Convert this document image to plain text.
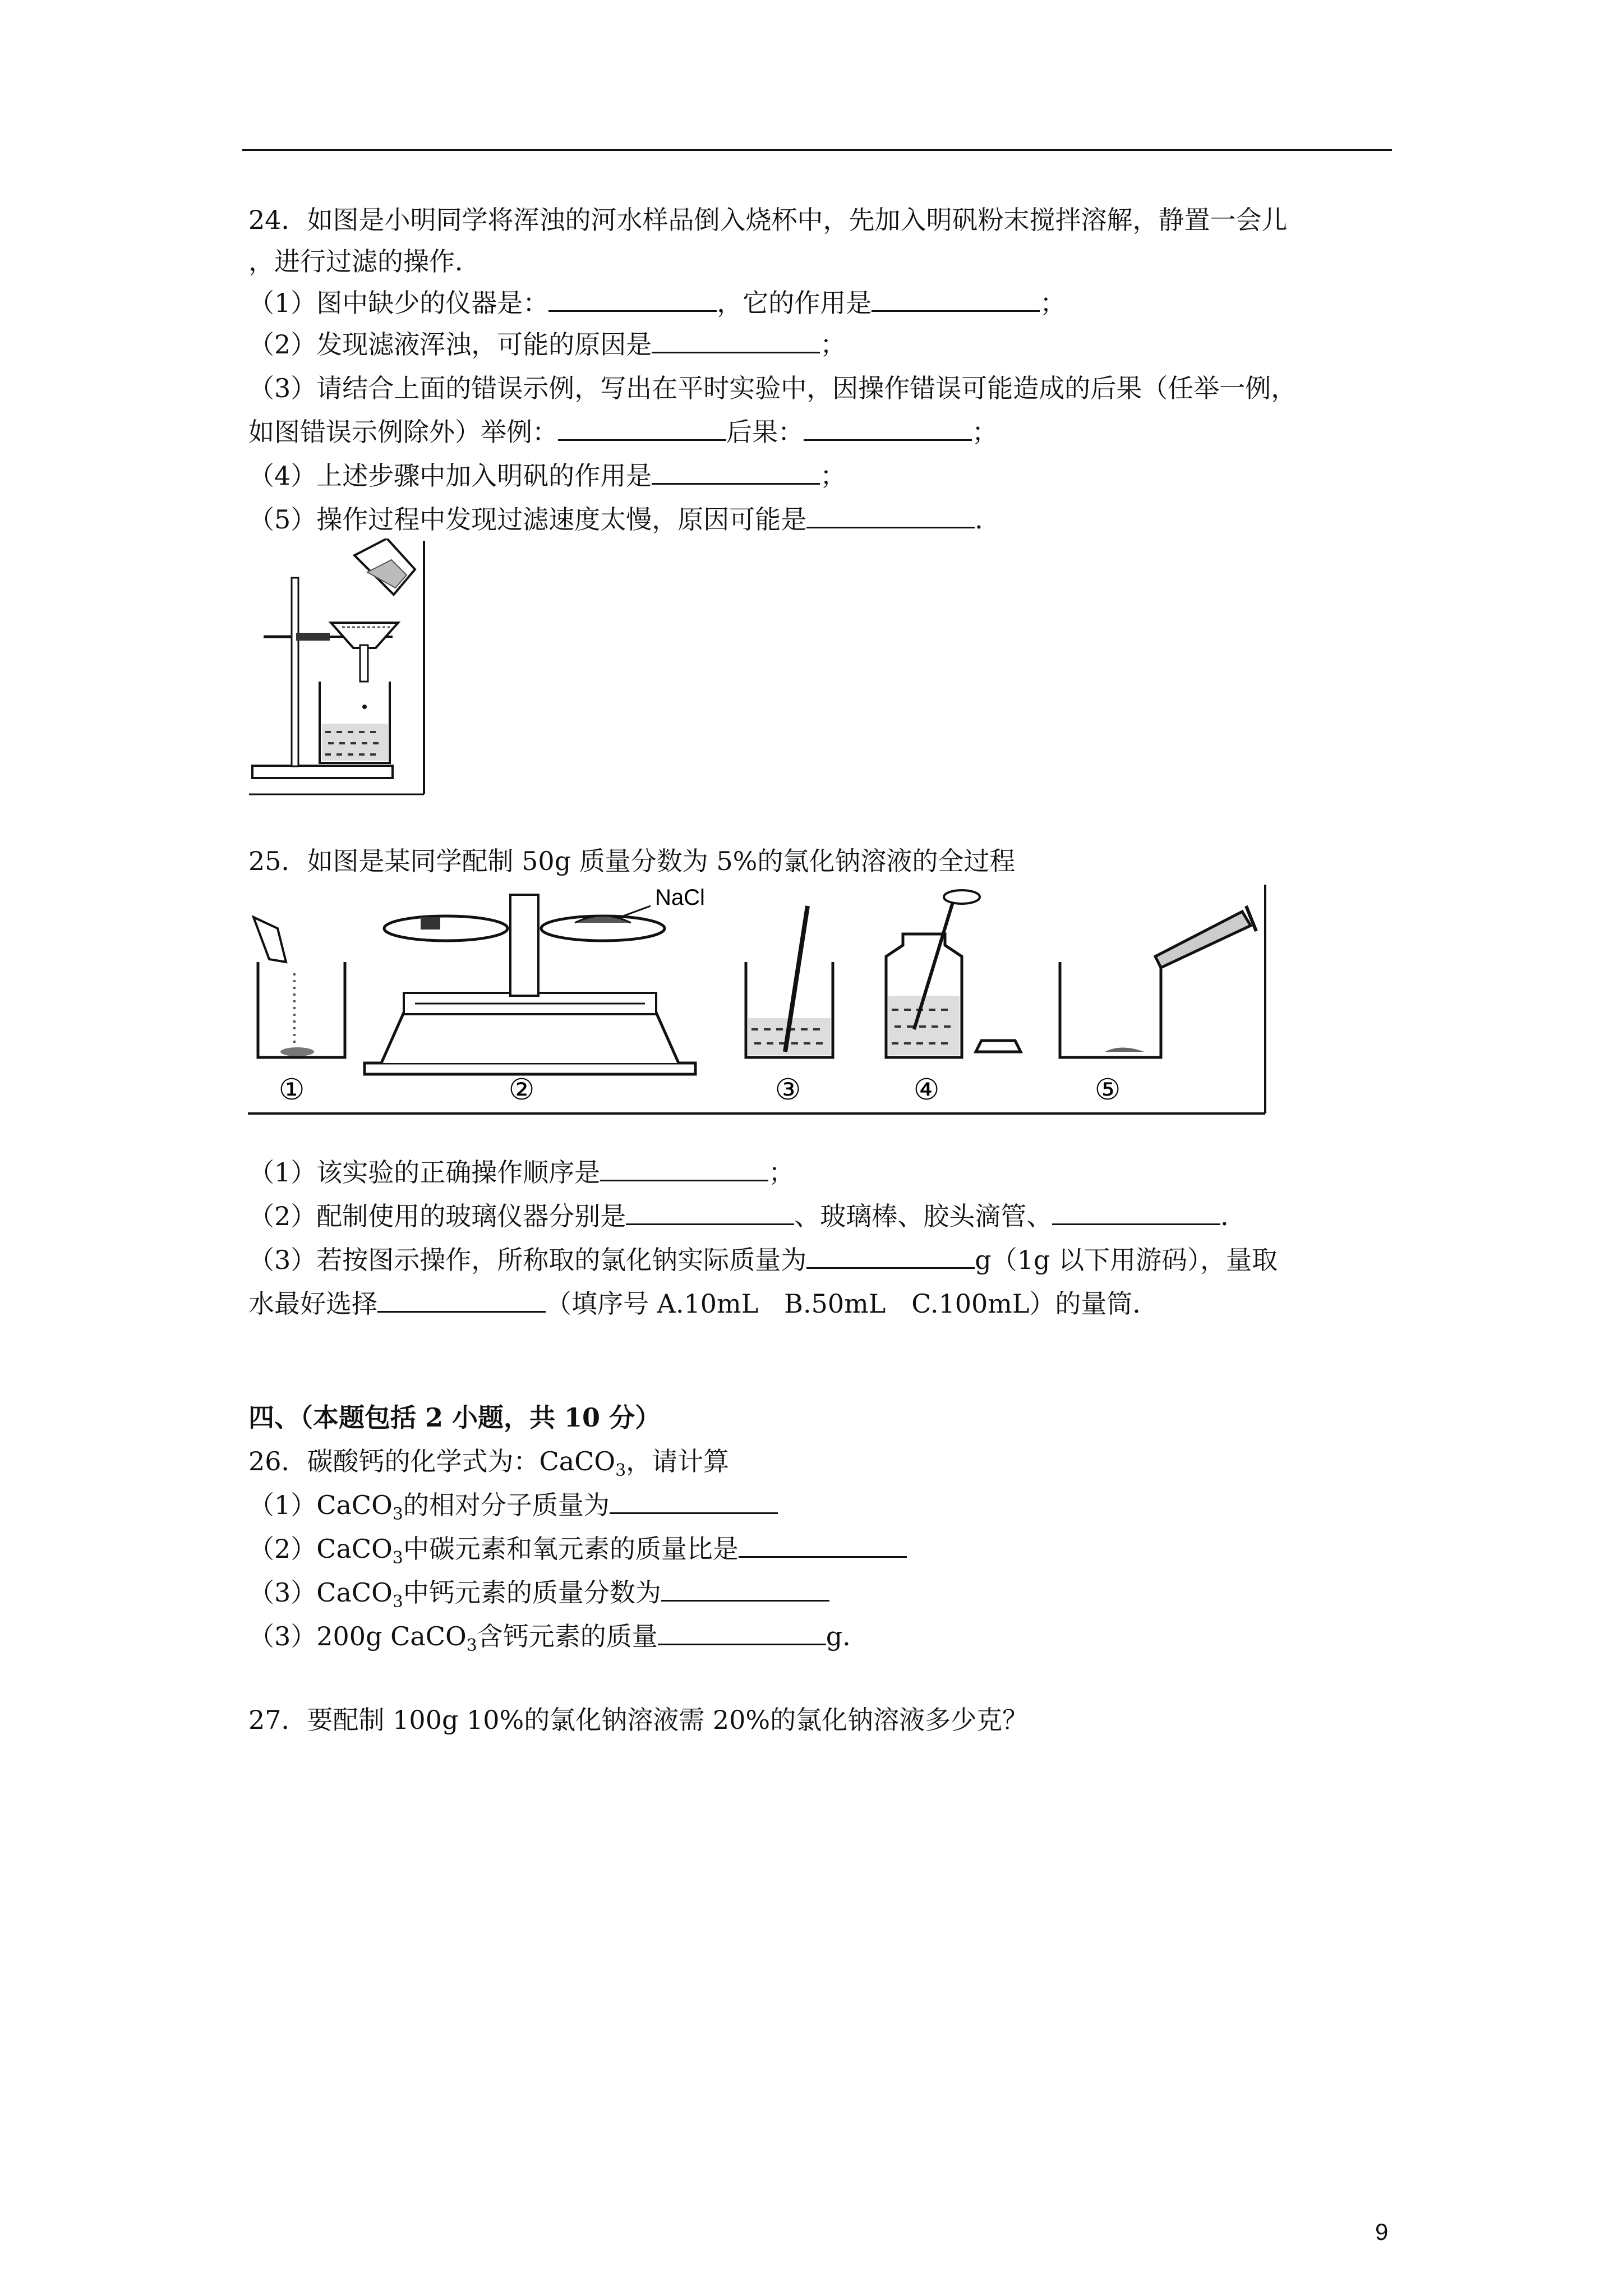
24．如图是小明同学将浑浊的河水样品倒入烧杯中，先加入明矾粉末搅拌溶解，静置一会儿
，进行过滤的操作．
（1）图中缺少的仪器是：	，它的作用是	；
（2）发现滤液浑浊，可能的原因是	；
（3）请结合上面的错误示例，写出在平时实验中，因操作错误可能造成的后果（任举一例，
如图错误示例除外）举例：	后果：	；
（4）上述步骤中加入明矾的作用是	；
（5）操作过程中发现过滤速度太慢，原因可能是	．
25．如图是某同学配制 50g 质量分数为 5%的氯化钠溶液的全过程
NaCl
①	②	③	④	⑤
（1）该实验的正确操作顺序是	；
（2）配制使用的玻璃仪器分别是	、玻璃棒、胶头滴管、	．
（3）若按图示操作，所称取的氯化钠实际质量为	g（1g 以下用游码），量取
水最好选择	（填序号 A.10mL　B.50mL　C.100mL）的量筒．
四、（本题包括 2 小题，共 10 分）
26．碳酸钙的化学式为：CaCO$_3$，请计算
（1）CaCO$_3$的相对分子质量为
（2）CaCO$_3$中碳元素和氧元素的质量比是
（3）CaCO$_3$中钙元素的质量分数为
（3）200g CaCO$_3$含钙元素的质量	g．
27．要配制 100g 10%的氯化钠溶液需 20%的氯化钠溶液多少克？
9
